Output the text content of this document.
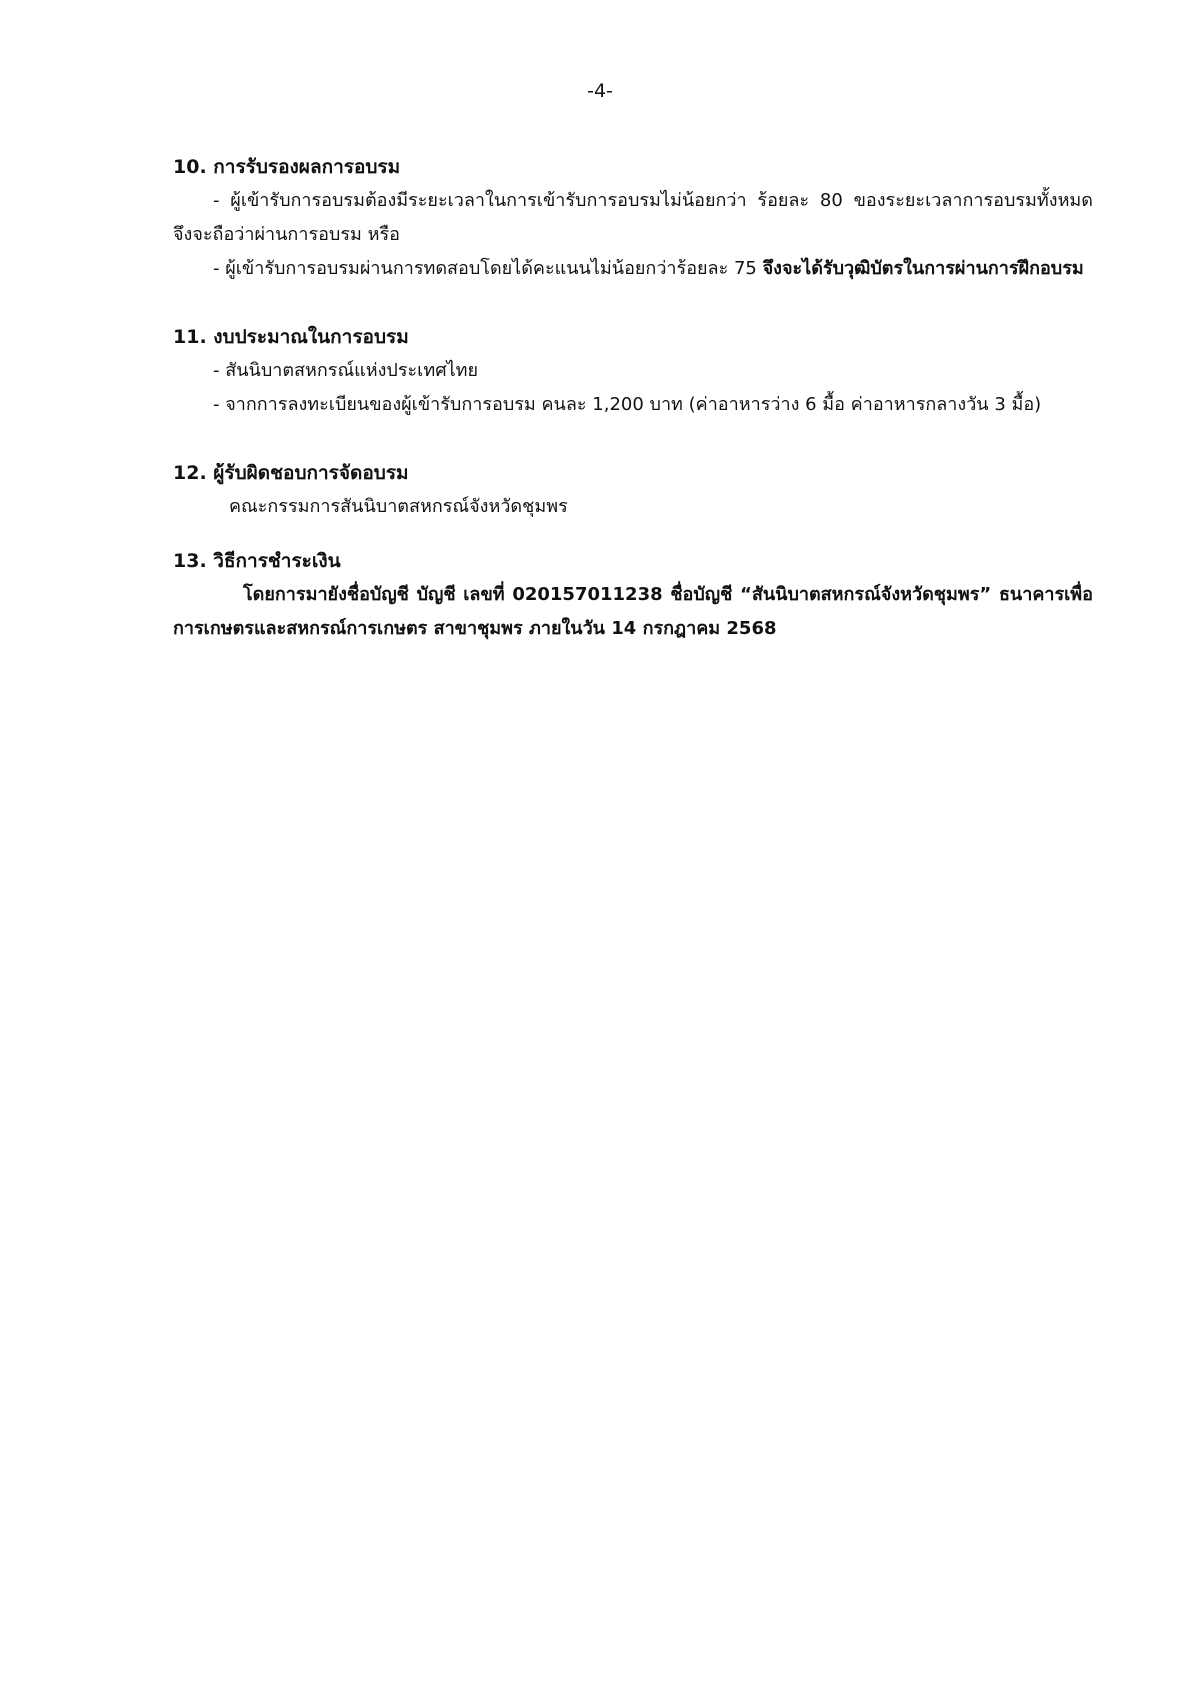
-4-
10. การรับรองผลการอบรม
- ผู้เข้ารับการอบรมต้องมีระยะเวลาในการเข้ารับการอบรมไม่น้อยกว่า ร้อยละ 80 ของระยะเวลาการอบรมทั้งหมด จึงจะถือว่าผ่านการอบรม หรือ
- ผู้เข้ารับการอบรมผ่านการทดสอบโดยได้คะแนนไม่น้อยกว่าร้อยละ 75 จึงจะได้รับวุฒิบัตรในการผ่านการฝึกอบรม
11. งบประมาณในการอบรม
- สันนิบาตสหกรณ์แห่งประเทศไทย
- จากการลงทะเบียนของผู้เข้ารับการอบรม คนละ 1,200 บาท (ค่าอาหารว่าง 6 มื้อ ค่าอาหารกลางวัน 3 มื้อ)
12. ผู้รับผิดชอบการจัดอบรม
คณะกรรมการสันนิบาตสหกรณ์จังหวัดชุมพร
13. วิธีการชำระเงิน
โดยการมายังชื่อบัญชี บัญชี เลขที่ 020157011238 ชื่อบัญชี “สันนิบาตสหกรณ์จังหวัดชุมพร” ธนาคารเพื่อการเกษตรและสหกรณ์การเกษตร สาขาชุมพร ภายในวัน 14 กรกฎาคม 2568
